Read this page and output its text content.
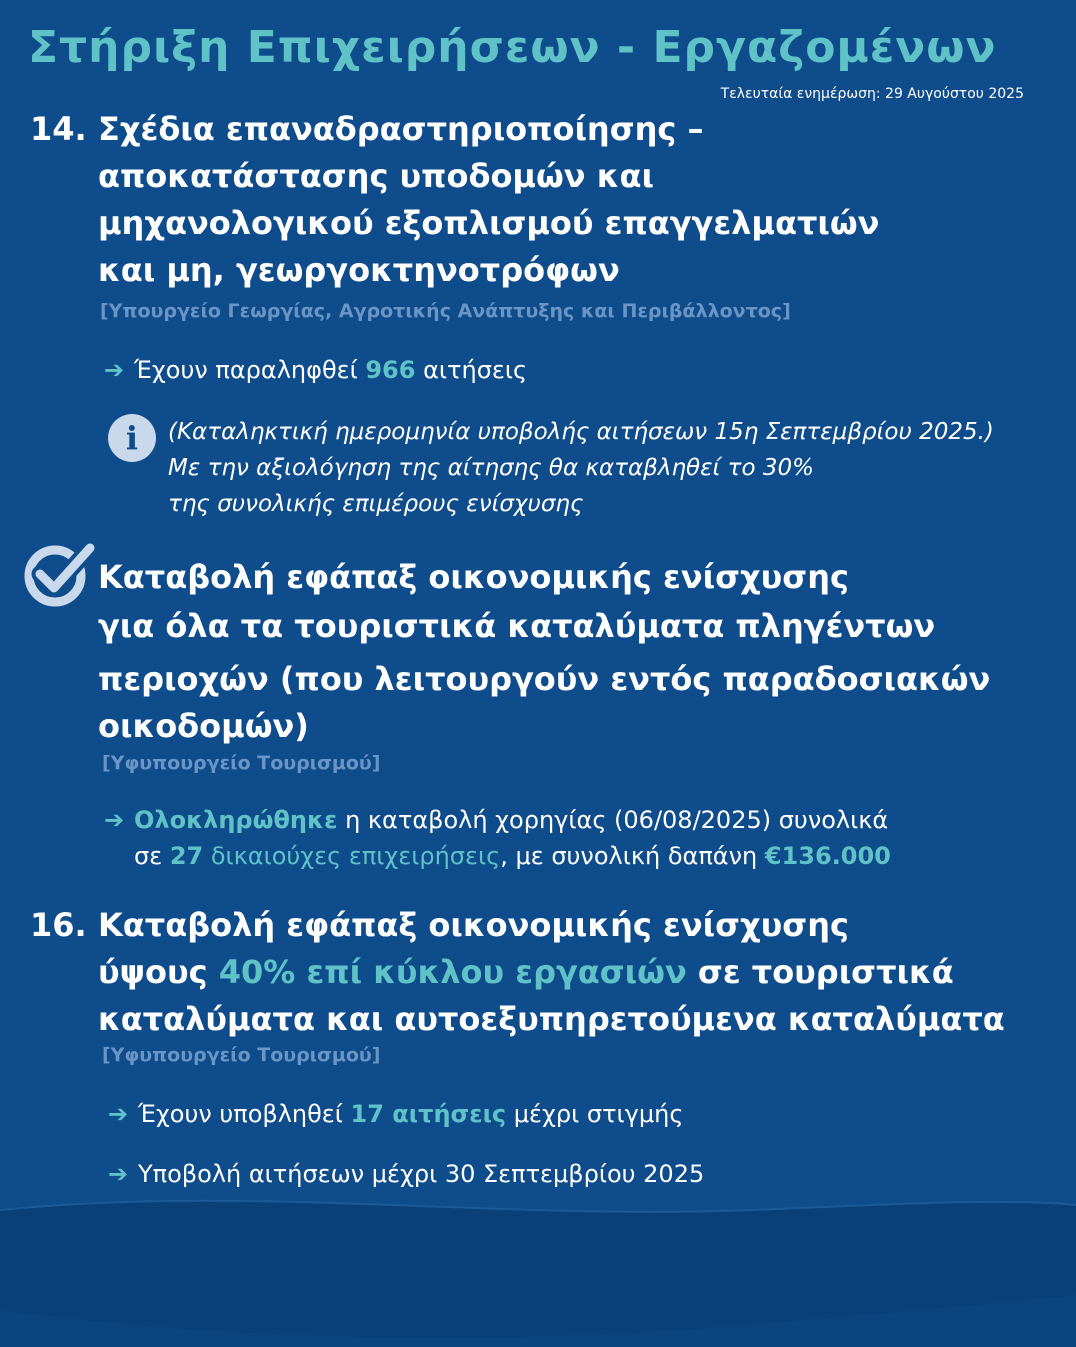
Στήριξη Επιχειρήσεων - Εργαζομένων
Τελευταία ενημέρωση: 29 Αυγούστου 2025
14. Σχέδια επαναδραστηριοποίησης –
αποκατάστασης υποδομών και
μηχανολογικού εξοπλισμού επαγγελματιών
και μη, γεωργοκτηνοτρόφων
[Υπουργείο Γεωργίας, Αγροτικής Ανάπτυξης και Περιβάλλοντος]
➔ Έχουν παραληφθεί 966 αιτήσεις
i	(Καταληκτική ημερομηνία υποβολής αιτήσεων 15η Σεπτεμβρίου 2025.)
Με την αξιολόγηση της αίτησης θα καταβληθεί το 30%
της συνολικής επιμέρους ενίσχυσης
Καταβολή εφάπαξ οικονομικής ενίσχυσης
για όλα τα τουριστικά καταλύματα πληγέντων
περιοχών (που λειτουργούν εντός παραδοσιακών
οικοδομών)
[Υφυπουργείο Τουρισμού]
➔ Ολοκληρώθηκε η καταβολή χορηγίας (06/08/2025) συνολικά
σε 27 δικαιούχες επιχειρήσεις, με συνολική δαπάνη €136.000
16. Καταβολή εφάπαξ οικονομικής ενίσχυσης
ύψους 40% επί κύκλου εργασιών σε τουριστικά
καταλύματα και αυτοεξυπηρετούμενα καταλύματα
[Υφυπουργείο Τουρισμού]
➔ Έχουν υποβληθεί 17 αιτήσεις μέχρι στιγμής
➔ Υποβολή αιτήσεων μέχρι 30 Σεπτεμβρίου 2025
